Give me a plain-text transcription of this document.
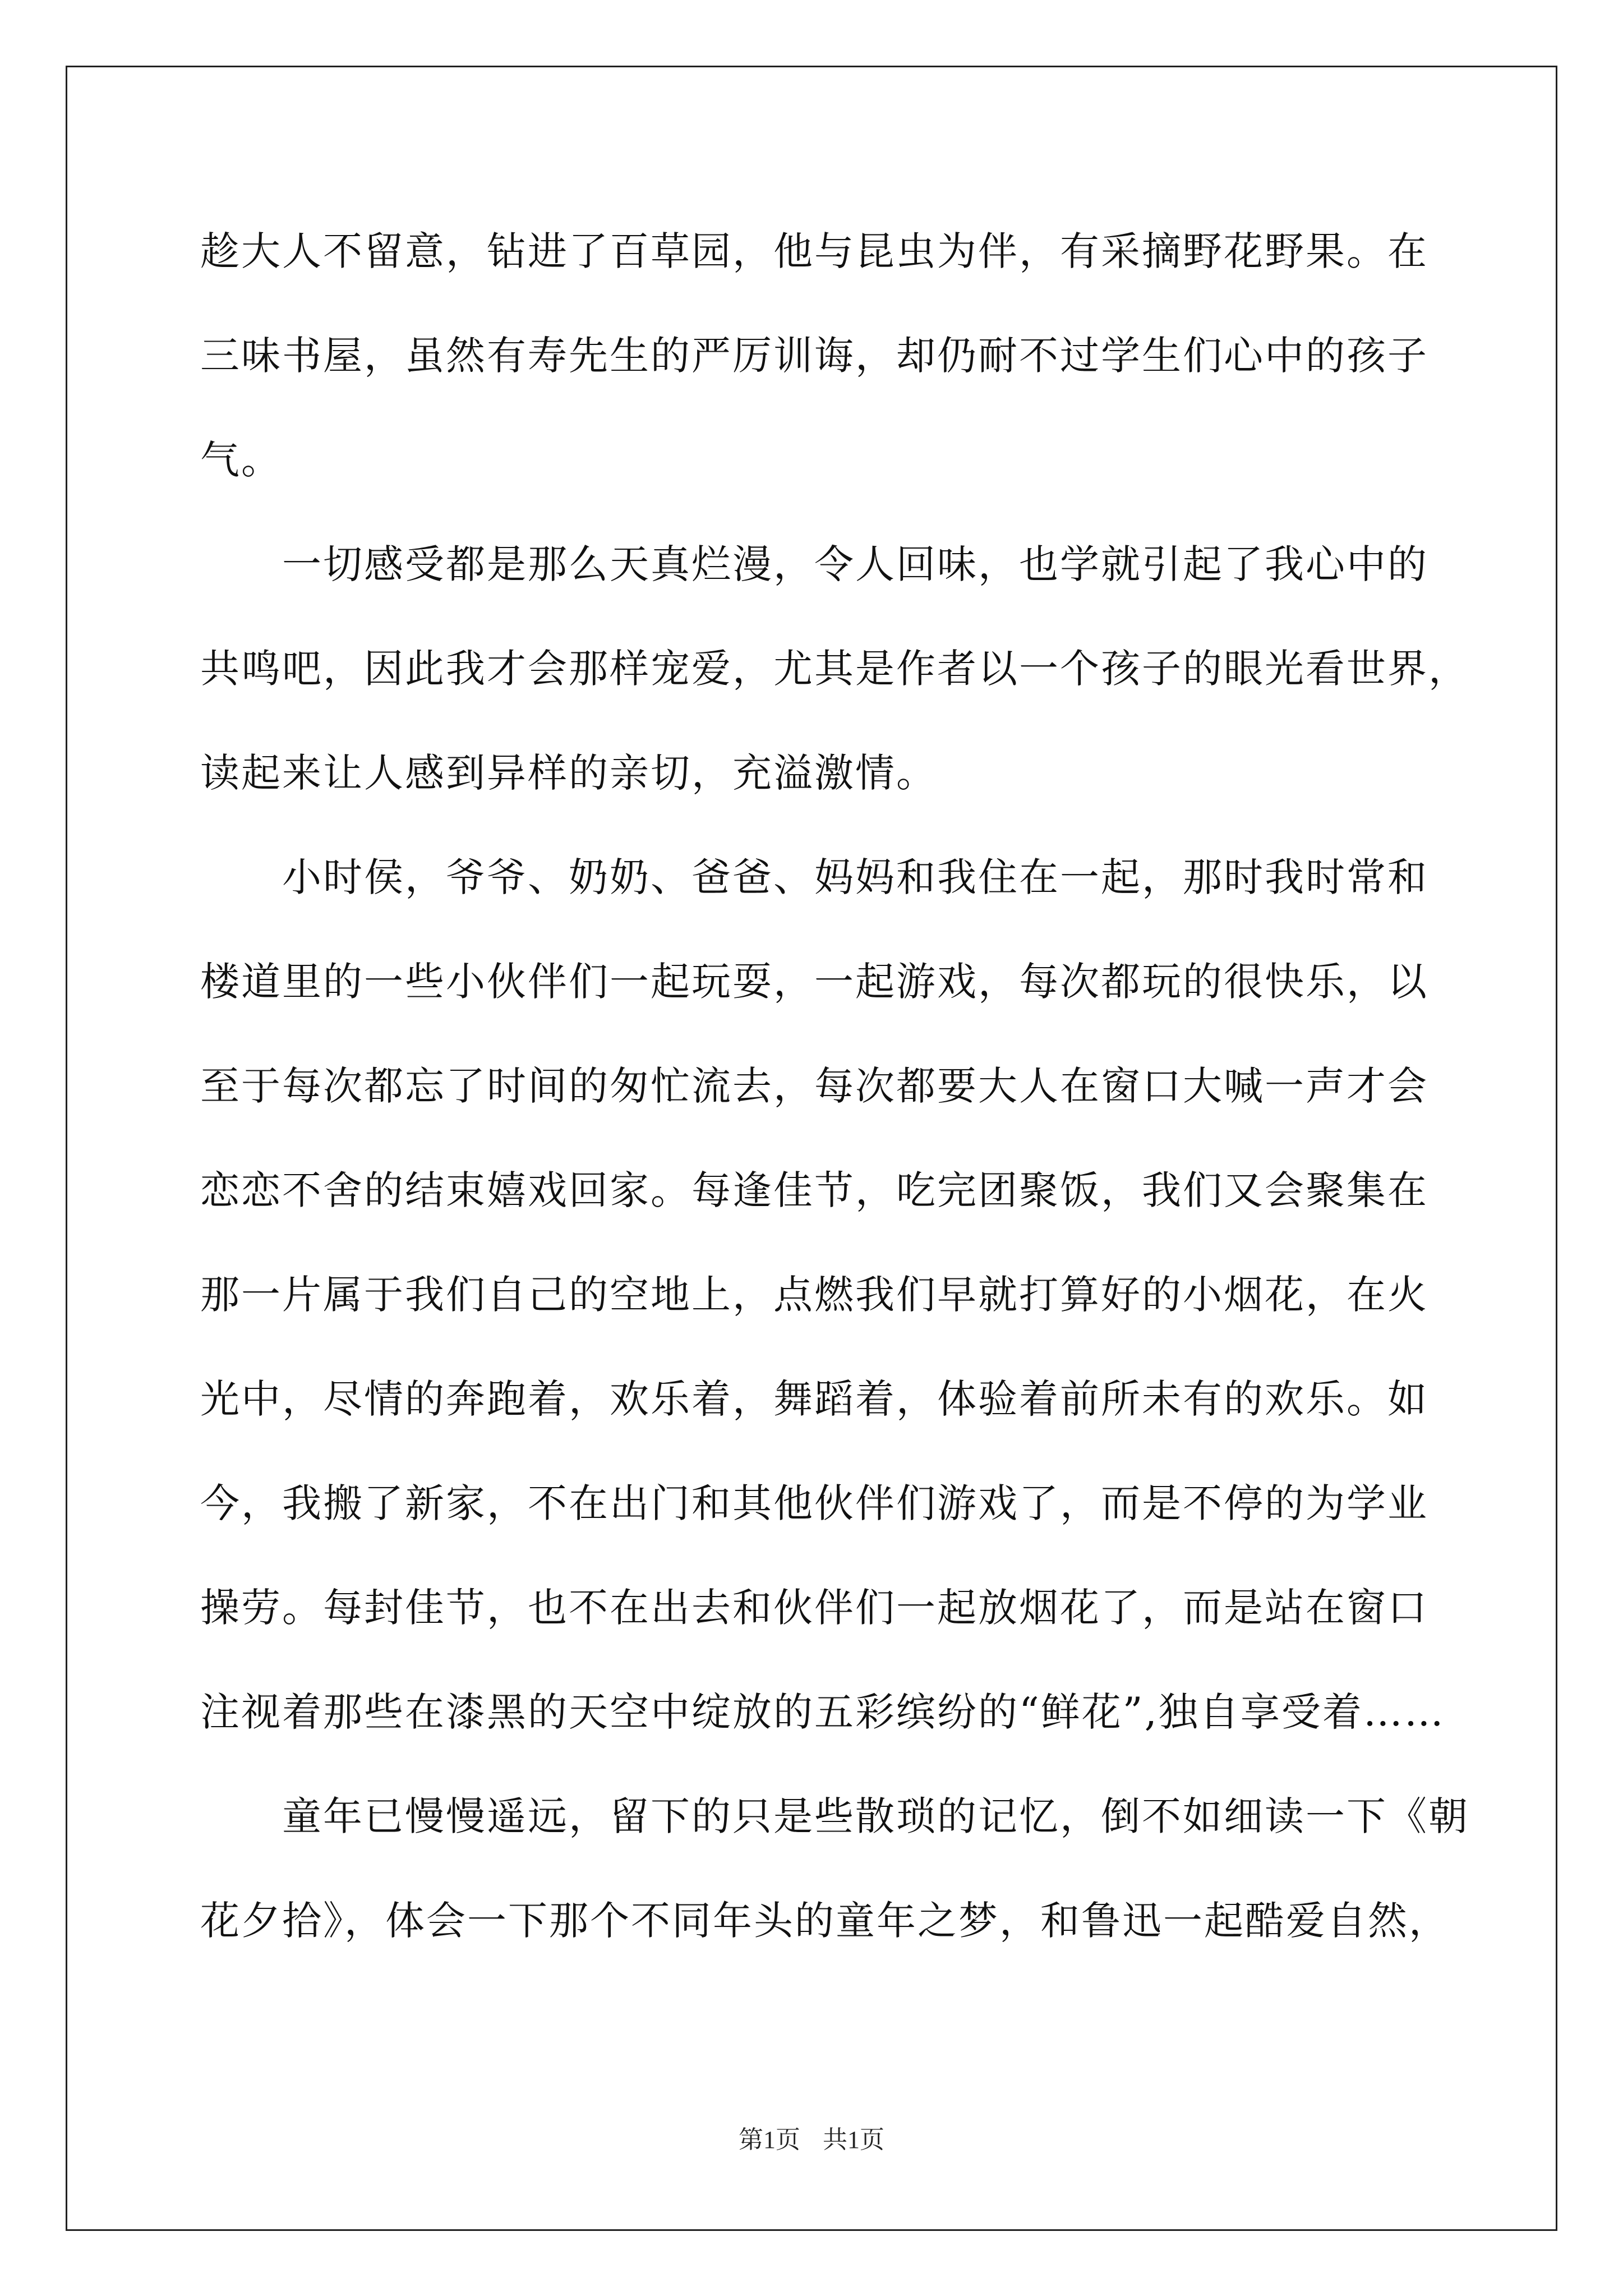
趁大人不留意，钻进了百草园，他与昆虫为伴，有采摘野花野果。在
三味书屋，虽然有寿先生的严厉训诲，却仍耐不过学生们心中的孩子
气。
　　一切感受都是那么天真烂漫，令人回味，也学就引起了我心中的
共鸣吧，因此我才会那样宠爱，尤其是作者以一个孩子的眼光看世界，
读起来让人感到异样的亲切，充溢激情。
　　小时侯，爷爷、奶奶、爸爸、妈妈和我住在一起，那时我时常和
楼道里的一些小伙伴们一起玩耍，一起游戏，每次都玩的很快乐，以
至于每次都忘了时间的匆忙流去，每次都要大人在窗口大喊一声才会
恋恋不舍的结束嬉戏回家。每逢佳节，吃完团聚饭，我们又会聚集在
那一片属于我们自己的空地上，点燃我们早就打算好的小烟花，在火
光中，尽情的奔跑着，欢乐着，舞蹈着，体验着前所未有的欢乐。如
今，我搬了新家，不在出门和其他伙伴们游戏了，而是不停的为学业
操劳。每封佳节，也不在出去和伙伴们一起放烟花了，而是站在窗口
注视着那些在漆黑的天空中绽放的五彩缤纷的“鲜花”,独自享受着……
　　童年已慢慢遥远，留下的只是些散琐的记忆，倒不如细读一下《朝
花夕拾》，体会一下那个不同年头的童年之梦，和鲁迅一起酷爱自然，
第1页 共1页
